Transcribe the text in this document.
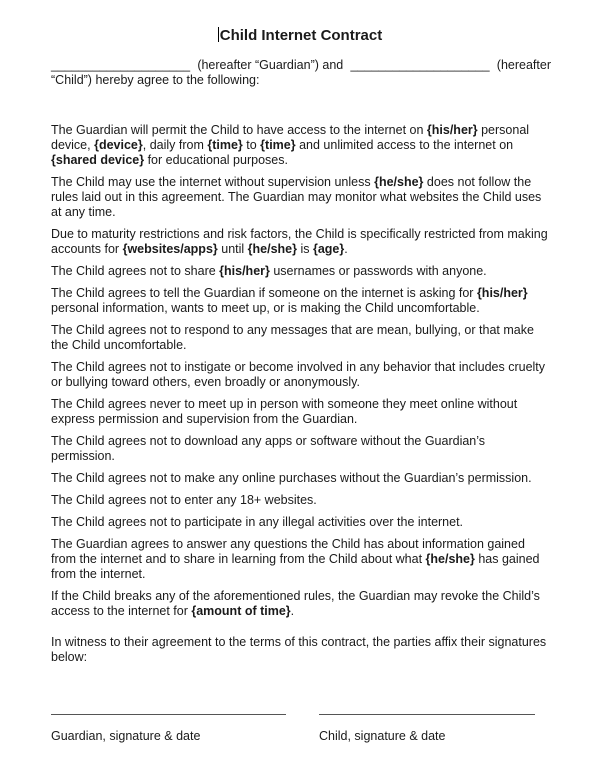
Child Internet Contract
____________________ (hereafter “Guardian”) and ____________________ (hereafter
“Child”) hereby agree to the following:

The Guardian will permit the Child to have access to the internet on {his/her} personal device, {device}, daily from {time} to {time} and unlimited access to the internet on {shared device} for educational purposes.

The Child may use the internet without supervision unless {he/she} does not follow the rules laid out in this agreement. The Guardian may monitor what websites the Child uses at any time.

Due to maturity restrictions and risk factors, the Child is specifically restricted from making accounts for {websites/apps} until {he/she} is {age}.

The Child agrees not to share {his/her} usernames or passwords with anyone.

The Child agrees to tell the Guardian if someone on the internet is asking for {his/her} personal information, wants to meet up, or is making the Child uncomfortable.

The Child agrees not to respond to any messages that are mean, bullying, or that make the Child uncomfortable.

The Child agrees not to instigate or become involved in any behavior that includes cruelty or bullying toward others, even broadly or anonymously.

The Child agrees never to meet up in person with someone they meet online without express permission and supervision from the Guardian.

The Child agrees not to download any apps or software without the Guardian’s permission.

The Child agrees not to make any online purchases without the Guardian’s permission.

The Child agrees not to enter any 18+ websites.

The Child agrees not to participate in any illegal activities over the internet.

The Guardian agrees to answer any questions the Child has about information gained from the internet and to share in learning from the Child about what {he/she} has gained from the internet.

If the Child breaks any of the aforementioned rules, the Guardian may revoke the Child’s access to the internet for {amount of time}.

In witness to their agreement to the terms of this contract, the parties affix their signatures below:
Guardian, signature & date	Child, signature & date
